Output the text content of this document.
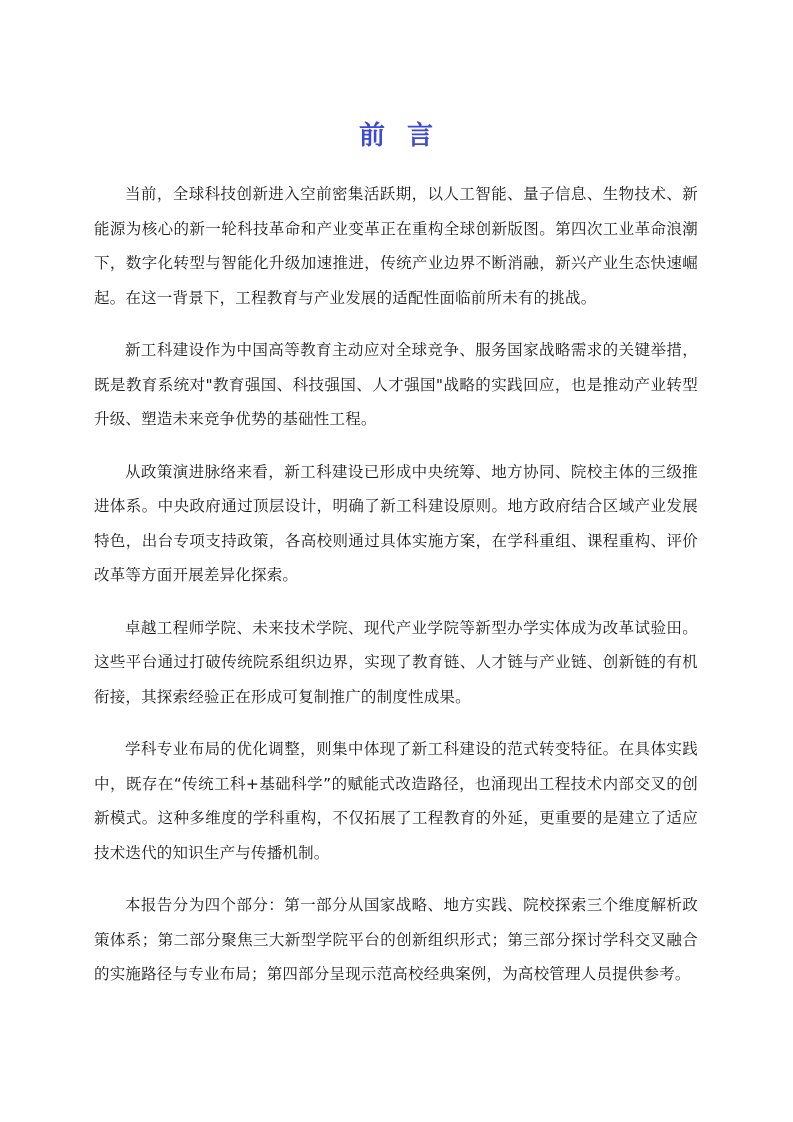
前言

当前，全球科技创新进入空前密集活跃期，以人工智能、量子信息、生物技术、新能源为核心的新一轮科技革命和产业变革正在重构全球创新版图。第四次工业革命浪潮下，数字化转型与智能化升级加速推进，传统产业边界不断消融，新兴产业生态快速崛起。在这一背景下，工程教育与产业发展的适配性面临前所未有的挑战。

新工科建设作为中国高等教育主动应对全球竞争、服务国家战略需求的关键举措，既是教育系统对"教育强国、科技强国、人才强国"战略的实践回应，也是推动产业转型升级、塑造未来竞争优势的基础性工程。

从政策演进脉络来看，新工科建设已形成中央统筹、地方协同、院校主体的三级推进体系。中央政府通过顶层设计，明确了新工科建设原则。地方政府结合区域产业发展特色，出台专项支持政策，各高校则通过具体实施方案，在学科重组、课程重构、评价改革等方面开展差异化探索。

卓越工程师学院、未来技术学院、现代产业学院等新型办学实体成为改革试验田。这些平台通过打破传统院系组织边界，实现了教育链、人才链与产业链、创新链的有机衔接，其探索经验正在形成可复制推广的制度性成果。

学科专业布局的优化调整，则集中体现了新工科建设的范式转变特征。在具体实践中，既存在“传统工科+基础科学”的赋能式改造路径，也涌现出工程技术内部交叉的创新模式。这种多维度的学科重构，不仅拓展了工程教育的外延，更重要的是建立了适应技术迭代的知识生产与传播机制。

本报告分为四个部分：第一部分从国家战略、地方实践、院校探索三个维度解析政策体系；第二部分聚焦三大新型学院平台的创新组织形式；第三部分探讨学科交叉融合的实施路径与专业布局；第四部分呈现示范高校经典案例，为高校管理人员提供参考。
